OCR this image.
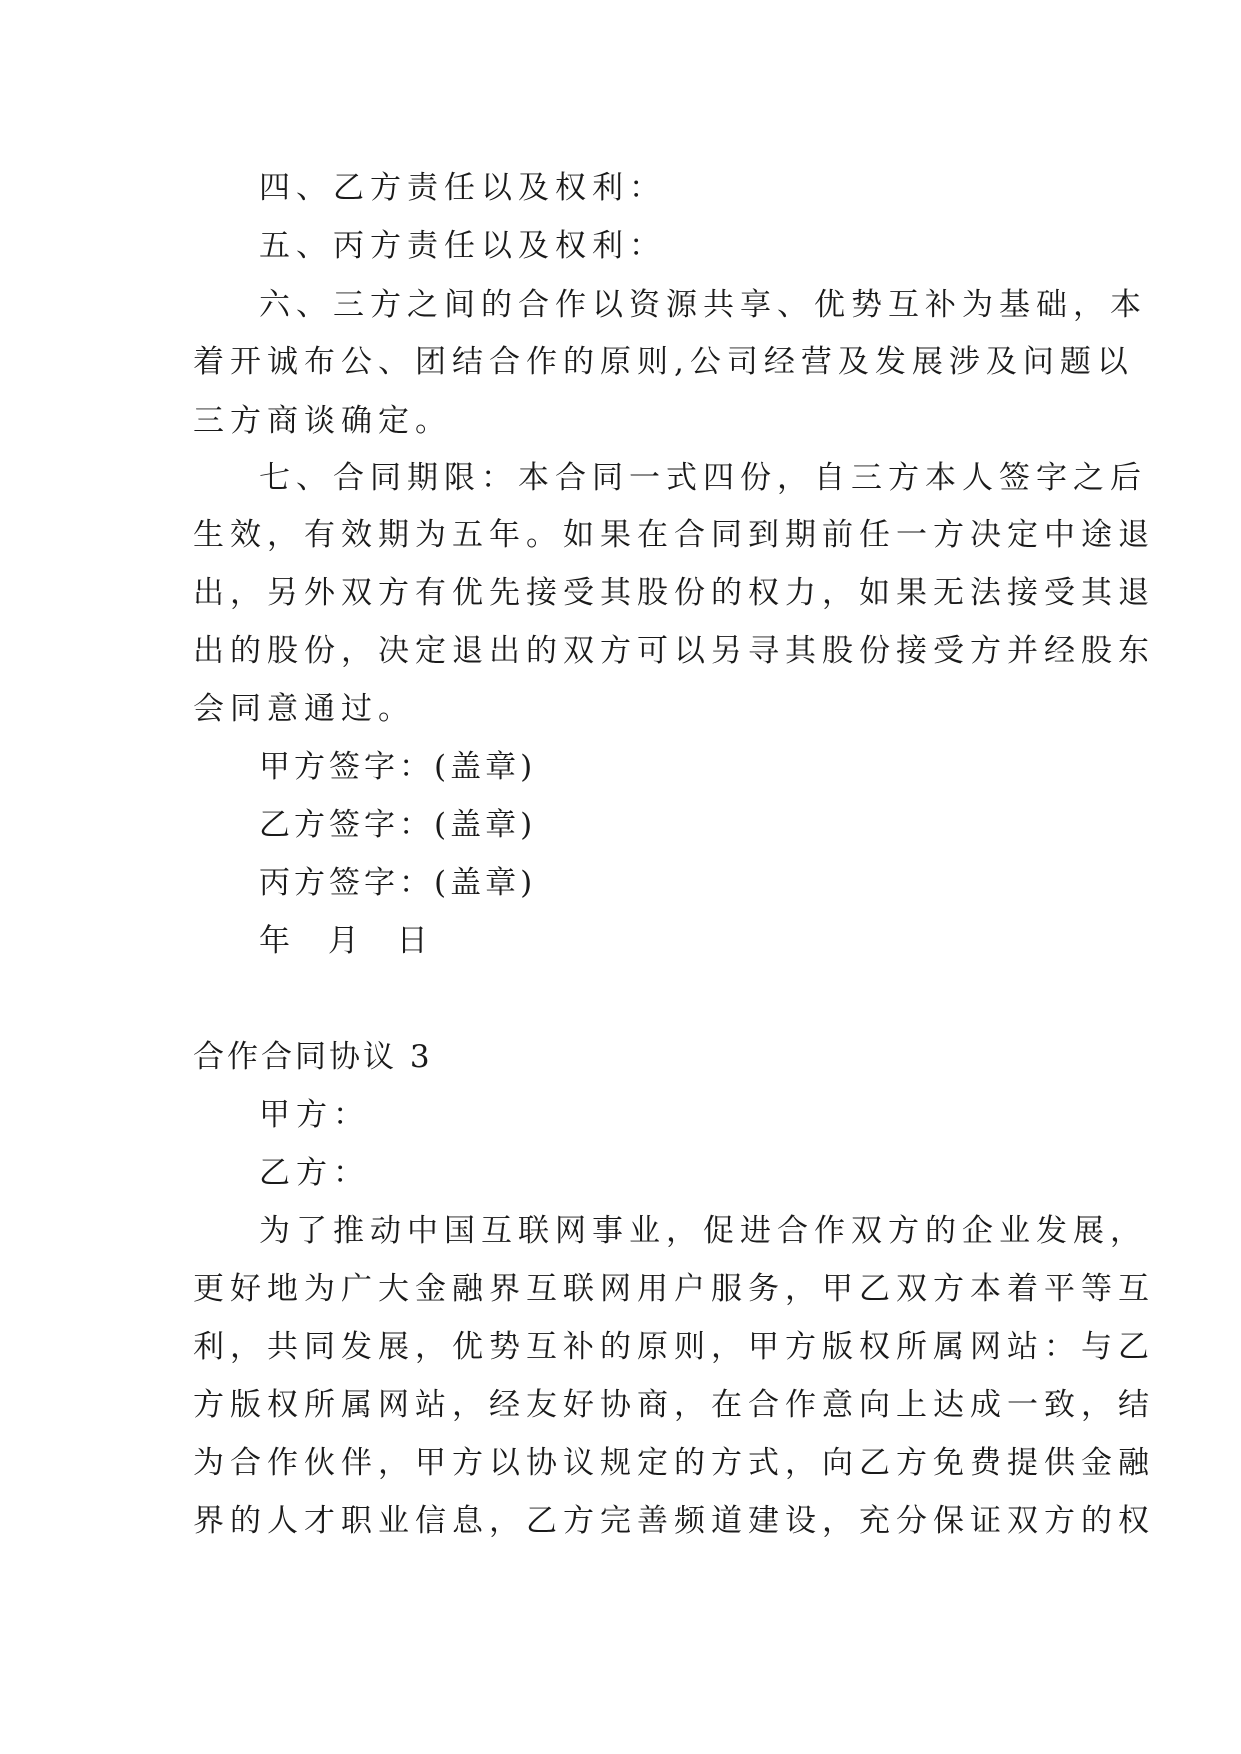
四、乙方责任以及权利：
五、丙方责任以及权利：
六、三方之间的合作以资源共享、优势互补为基础，本
着开诚布公、团结合作的原则,公司经营及发展涉及问题以
三方商谈确定。
七、合同期限：本合同一式四份，自三方本人签字之后
生效，有效期为五年。如果在合同到期前任一方决定中途退
出，另外双方有优先接受其股份的权力，如果无法接受其退
出的股份，决定退出的双方可以另寻其股份接受方并经股东
会同意通过。
甲方签字：(盖章)
乙方签字：(盖章)
丙方签字：(盖章)
年 月 日
合作合同协议 3
甲方：
乙方：
为了推动中国互联网事业，促进合作双方的企业发展，
更好地为广大金融界互联网用户服务，甲乙双方本着平等互
利，共同发展，优势互补的原则，甲方版权所属网站：与乙
方版权所属网站，经友好协商，在合作意向上达成一致，结
为合作伙伴，甲方以协议规定的方式，向乙方免费提供金融
界的人才职业信息，乙方完善频道建设，充分保证双方的权
